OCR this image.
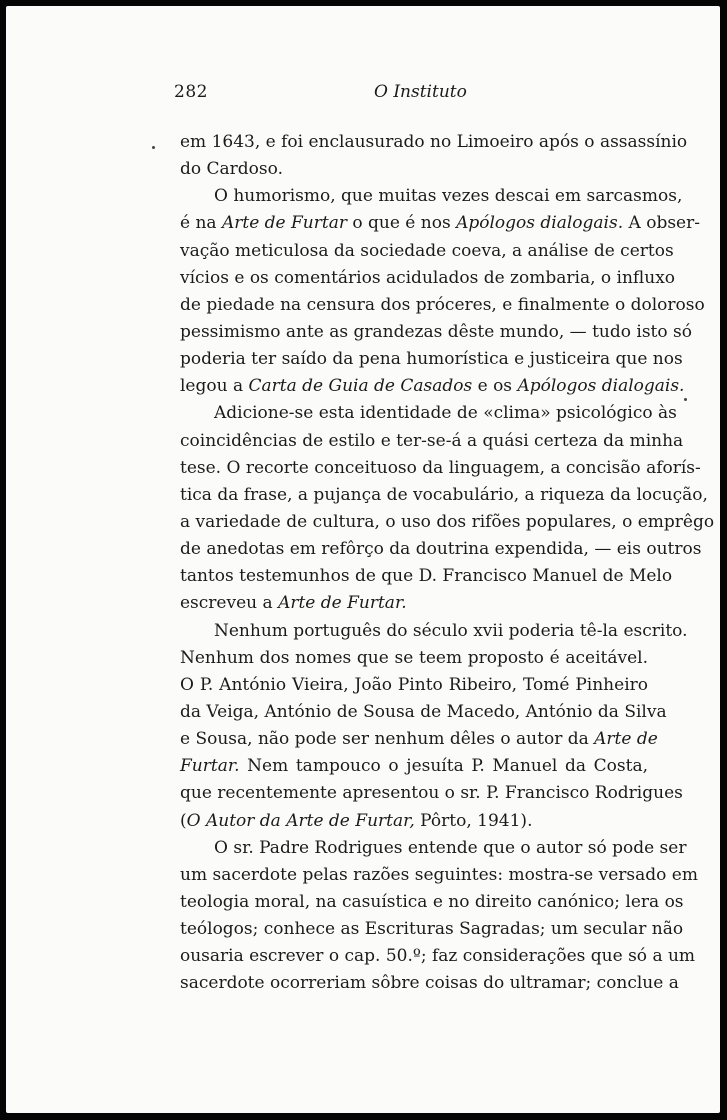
282	O Instituto
em 1643, e foi enclausurado no Limoeiro após o assassínio
do Cardoso.
O humorismo, que muitas vezes descai em sarcasmos,
é na Arte de Furtar o que é nos Apólogos dialogais. A obser-
vação meticulosa da sociedade coeva, a análise de certos
vícios e os comentários acidulados de zombaria, o influxo
de piedade na censura dos próceres, e finalmente o doloroso
pessimismo ante as grandezas dêste mundo, — tudo isto só
poderia ter saído da pena humorística e justiceira que nos
legou a Carta de Guia de Casados e os Apólogos dialogais.
Adicione-se esta identidade de «clima» psicológico às
coincidências de estilo e ter-se-á a quási certeza da minha
tese. O recorte conceituoso da linguagem, a concisão aforís-
tica da frase, a pujança de vocabulário, a riqueza da locução,
a variedade de cultura, o uso dos rifões populares, o emprêgo
de anedotas em refôrço da doutrina expendida, — eis outros
tantos testemunhos de que D. Francisco Manuel de Melo
escreveu a Arte de Furtar.
Nenhum português do século xvii poderia tê-la escrito.
Nenhum dos nomes que se teem proposto é aceitável.
O P. António Vieira, João Pinto Ribeiro, Tomé Pinheiro
da Veiga, António de Sousa de Macedo, António da Silva
e Sousa, não pode ser nenhum dêles o autor da Arte de
Furtar. Nem tampouco o jesuíta P. Manuel da Costa,
que recentemente apresentou o sr. P. Francisco Rodrigues
(O Autor da Arte de Furtar, Pôrto, 1941).
O sr. Padre Rodrigues entende que o autor só pode ser
um sacerdote pelas razões seguintes: mostra-se versado em
teologia moral, na casuística e no direito canónico; lera os
teólogos; conhece as Escrituras Sagradas; um secular não
ousaria escrever o cap. 50.º; faz considerações que só a um
sacerdote ocorreriam sôbre coisas do ultramar; conclue a
